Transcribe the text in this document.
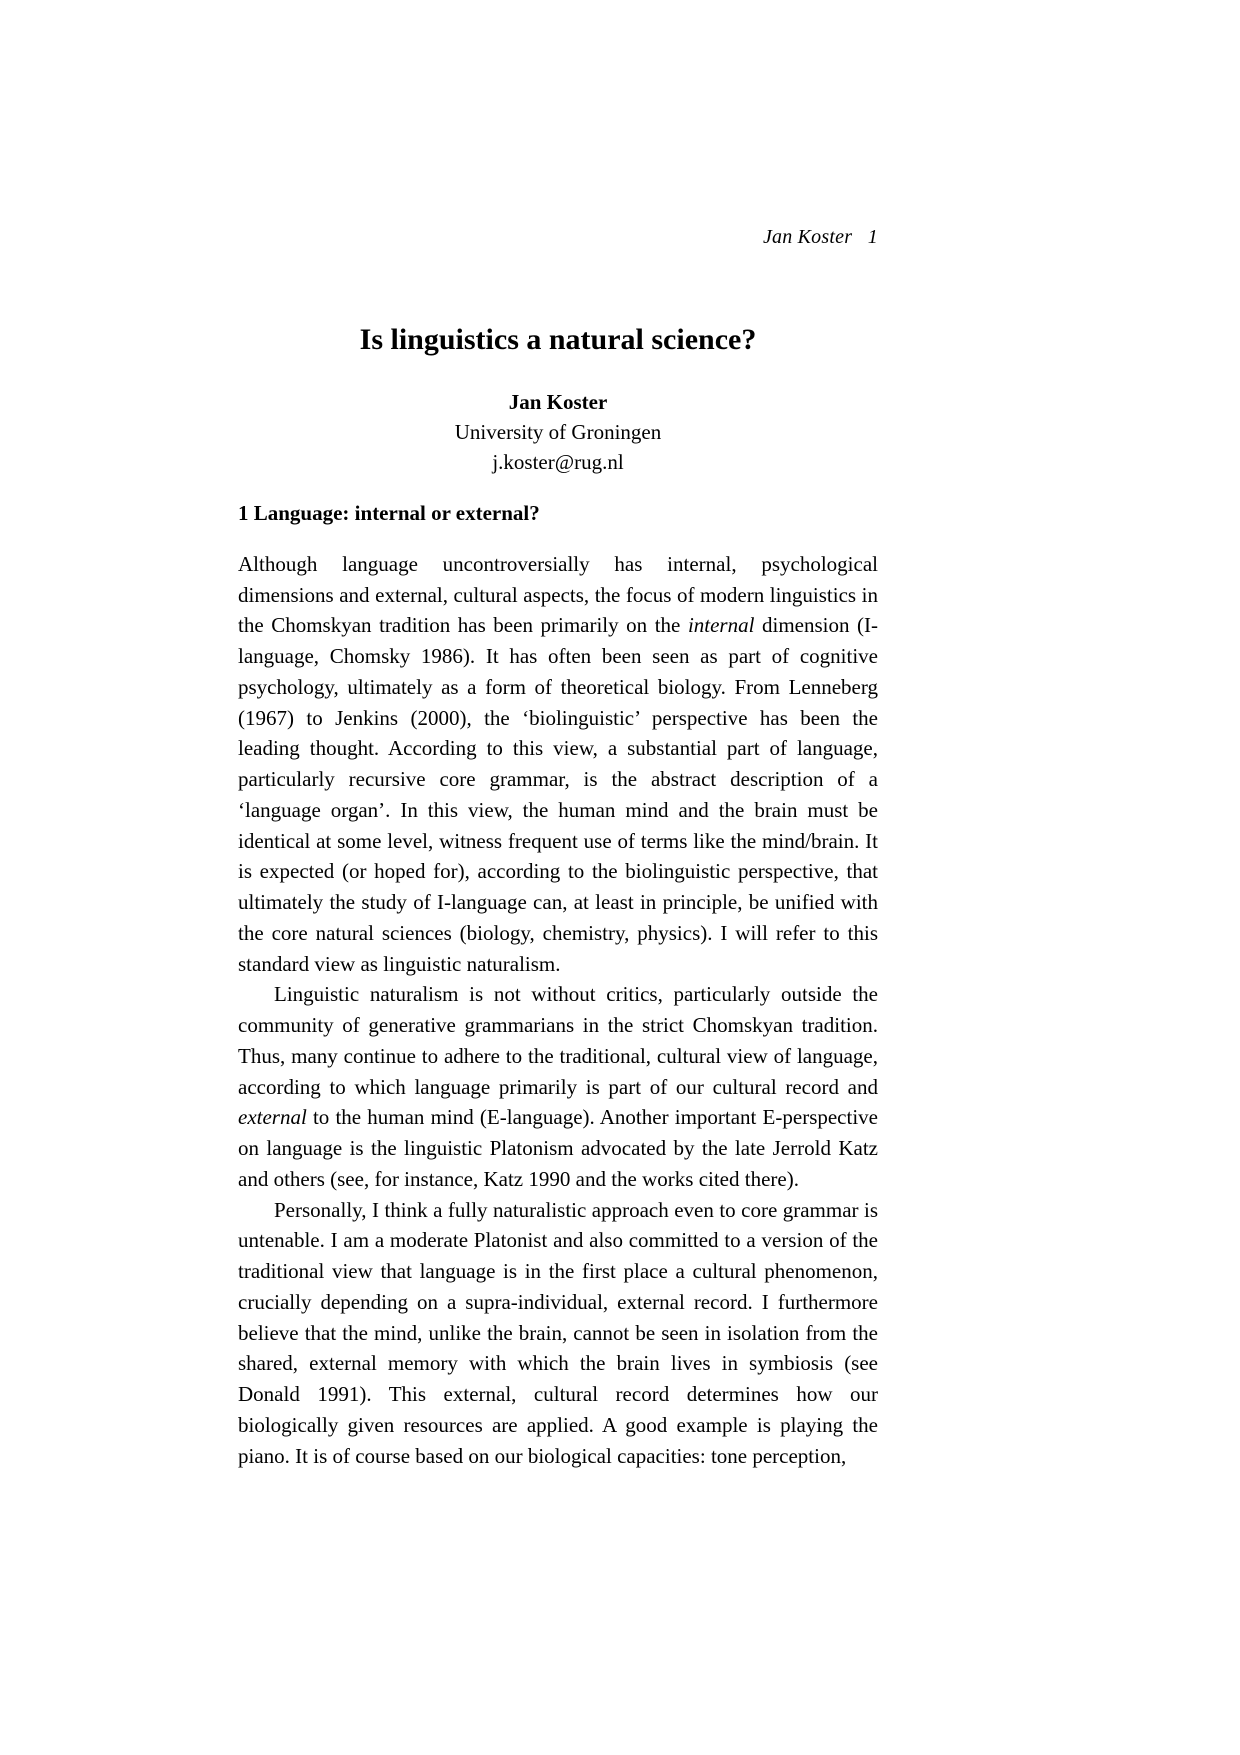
Jan Koster   1
Is linguistics a natural science?
Jan Koster
University of Groningen
j.koster@rug.nl
1 Language: internal or external?

Although language uncontroversially has internal, psychological dimensions and external, cultural aspects, the focus of modern linguistics in the Chomskyan tradition has been primarily on the internal dimension (I-language, Chomsky 1986). It has often been seen as part of cognitive psychology, ultimately as a form of theoretical biology. From Lenneberg (1967) to Jenkins (2000), the ‘biolinguistic’ perspective has been the leading thought. According to this view, a substantial part of language, particularly recursive core grammar, is the abstract description of a ‘language organ’. In this view, the human mind and the brain must be identical at some level, witness frequent use of terms like the mind/brain. It is expected (or hoped for), according to the biolinguistic perspective, that ultimately the study of I-language can, at least in principle, be unified with the core natural sciences (biology, chemistry, physics). I will refer to this standard view as linguistic naturalism.

Linguistic naturalism is not without critics, particularly outside the community of generative grammarians in the strict Chomskyan tradition. Thus, many continue to adhere to the traditional, cultural view of language, according to which language primarily is part of our cultural record and external to the human mind (E-language). Another important E-perspective on language is the linguistic Platonism advocated by the late Jerrold Katz and others (see, for instance, Katz 1990 and the works cited there).

Personally, I think a fully naturalistic approach even to core grammar is untenable. I am a moderate Platonist and also committed to a version of the traditional view that language is in the first place a cultural phenomenon, crucially depending on a supra-individual, external record. I furthermore believe that the mind, unlike the brain, cannot be seen in isolation from the shared, external memory with which the brain lives in symbiosis (see Donald 1991). This external, cultural record determines how our biologically given resources are applied. A good example is playing the piano. It is of course based on our biological capacities: tone perception,
